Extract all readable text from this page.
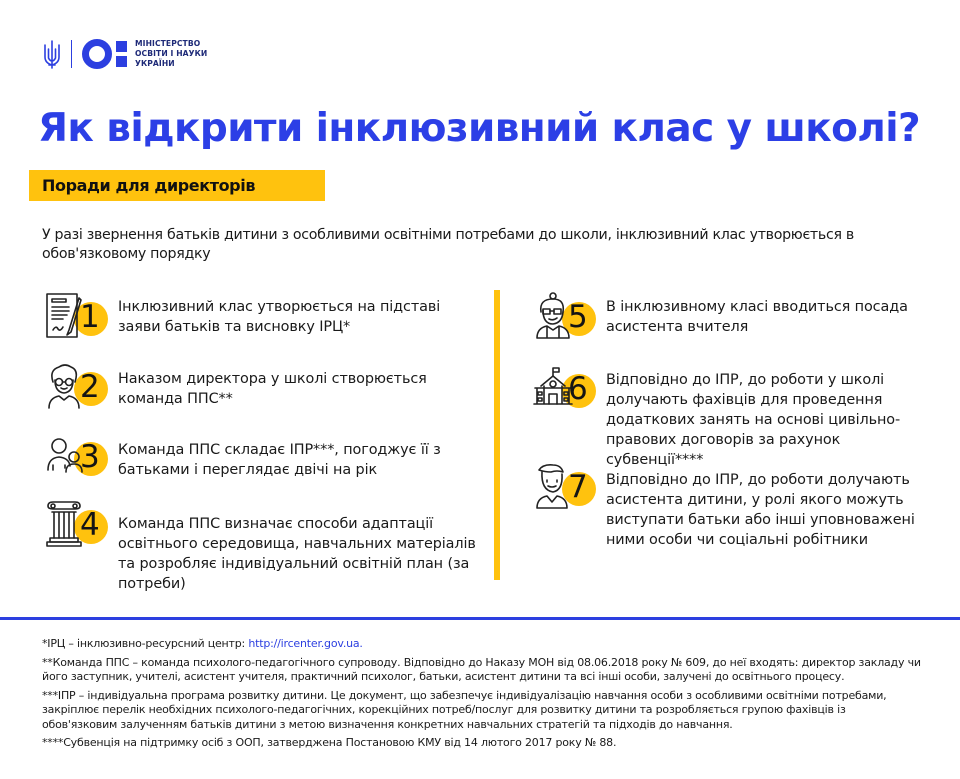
МІНІСТЕРСТВО
ОСВІТИ І НАУКИ
УКРАЇНИ
Як відкрити інклюзивний клас у школі?
Поради для директорів

У разі звернення батьків дитини з особливими освітніми потребами до школи, інклюзивний клас утворюється в обов'язковому порядку

1 Інклюзивний клас утворюється на підставі заяви батьків та висновку ІРЦ*
2 Наказом директора у школі створюється команда ППС**
3 Команда ППС складає ІПР***, погоджує її з батьками і переглядає двічі на рік
4 Команда ППС визначає способи адаптації освітнього середовища, навчальних матеріалів та розробляє індивідуальний освітній план (за потреби)
5 В інклюзивному класі вводиться посада асистента вчителя
6 Відповідно до ІПР, до роботи у школі долучають фахівців для проведення додаткових занять на основі цивільно-правових договорів за рахунок субвенції****
7 Відповідно до ІПР, до роботи долучають асистента дитини, у ролі якого можуть виступати батьки або інші уповноважені ними особи чи соціальні робітники
*ІРЦ – інклюзивно-ресурсний центр: http://ircenter.gov.ua.
**Команда ППС – команда психолого-педагогічного супроводу. Відповідно до Наказу МОН від 08.06.2018 року № 609, до неї входять: директор закладу чи його заступник, учителі, асистент учителя, практичний психолог, батьки, асистент дитини та всі інші особи, залучені до освітнього процесу.
***ІПР – індивідуальна програма розвитку дитини. Це документ, що забезпечує індивідуалізацію навчання особи з особливими освітніми потребами, закріплює перелік необхідних психолого-педагогічних, корекційних потреб/послуг для розвитку дитини та розробляється групою фахівців із обов'язковим залученням батьків дитини з метою визначення конкретних навчальних стратегій та підходів до навчання.
****Субвенція на підтримку осіб з ООП, затверджена Постановою КМУ від 14 лютого 2017 року № 88.
